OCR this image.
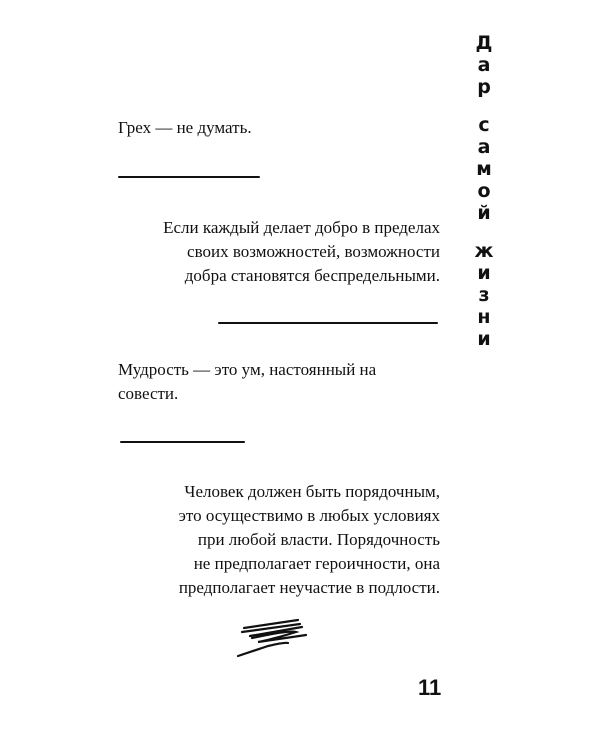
Дар
самой
жизни
Грех — не думать.
Если каждый делает добро в пределах
своих возможностей, возможности
добра становятся беспредельными.
Мудрость — это ум, настоянный на
совести.
Человек должен быть порядочным,
это осуществимо в любых условиях
при любой власти. Порядочность
не предполагает героичности, она
предполагает неучастие в подлости.
11
